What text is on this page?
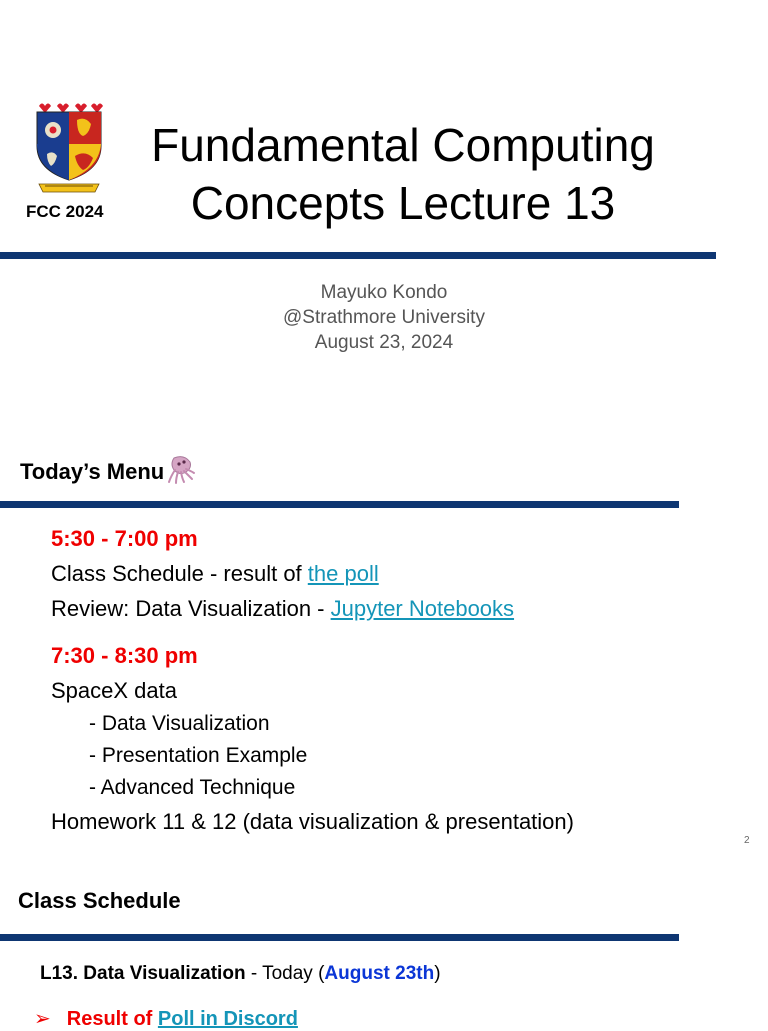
FCC 2024
Fundamental Computing
Concepts Lecture 13
Mayuko Kondo
@Strathmore University
August 23, 2024
Today’s Menu
5:30 - 7:00 pm
Class Schedule - result of the poll
Review: Data Visualization - Jupyter Notebooks
7:30 - 8:30 pm
SpaceX data
- Data Visualization
- Presentation Example
- Advanced Technique
Homework 11 & 12 (data visualization & presentation)
2
Class Schedule
L13. Data Visualization - Today (August 23th)
➢ Result of Poll in Discord
